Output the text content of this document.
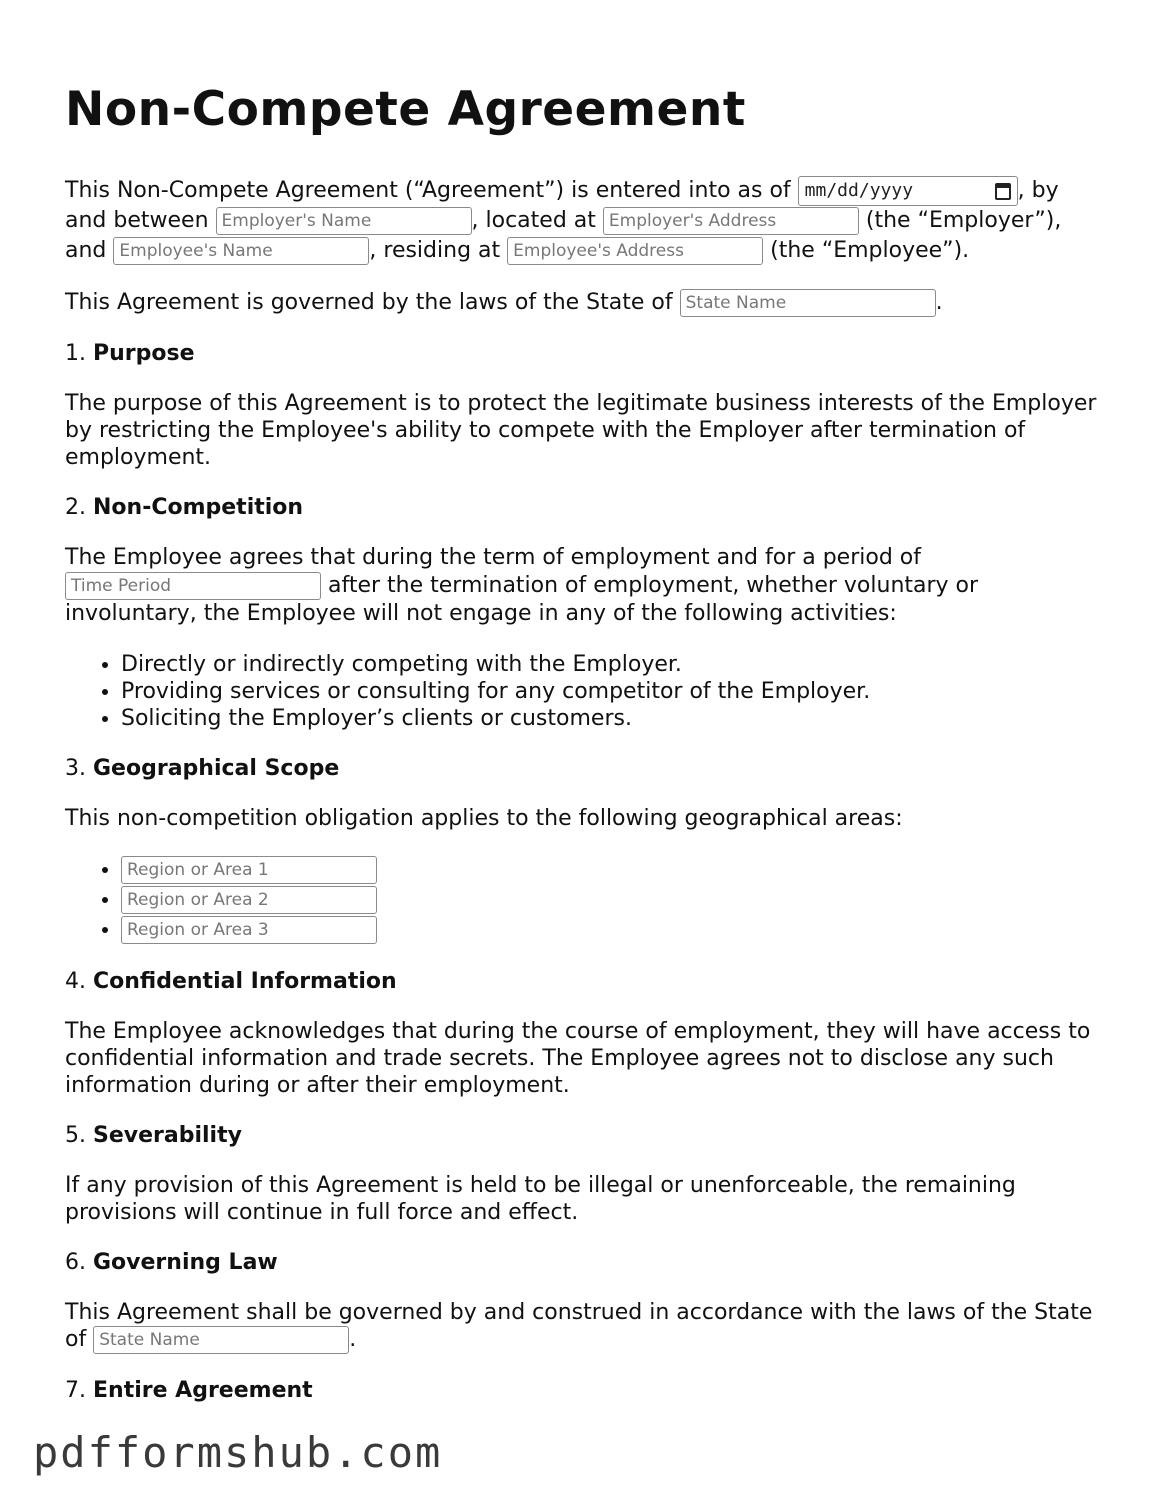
Non-Compete Agreement

This Non-Compete Agreement (“Agreement”) is entered into as of mm/dd/yyyy	, by and between Employer's Name	, located at Employer's Address	(the “Employer”), and Employee's Name	, residing at Employee's Address	(the “Employee”).

This Agreement is governed by the laws of the State of State Name	.

1. Purpose

The purpose of this Agreement is to protect the legitimate business interests of the Employer by restricting the Employee's ability to compete with the Employer after termination of employment.

2. Non-Competition

The Employee agrees that during the term of employment and for a period of Time Period after the termination of employment, whether voluntary or involuntary, the Employee will not engage in any of the following activities:

• Directly or indirectly competing with the Employer.
• Providing services or consulting for any competitor of the Employer.
• Soliciting the Employer’s clients or customers.
3. Geographical Scope

This non-competition obligation applies to the following geographical areas:

• Region or Area 1
• Region or Area 2
• Region or Area 3
4. Confidential Information

The Employee acknowledges that during the course of employment, they will have access to confidential information and trade secrets. The Employee agrees not to disclose any such information during or after their employment.

5. Severability

If any provision of this Agreement is held to be illegal or unenforceable, the remaining provisions will continue in full force and effect.

6. Governing Law

This Agreement shall be governed by and construed in accordance with the laws of the State of State Name	.

7. Entire Agreement
pdfformshub.com
